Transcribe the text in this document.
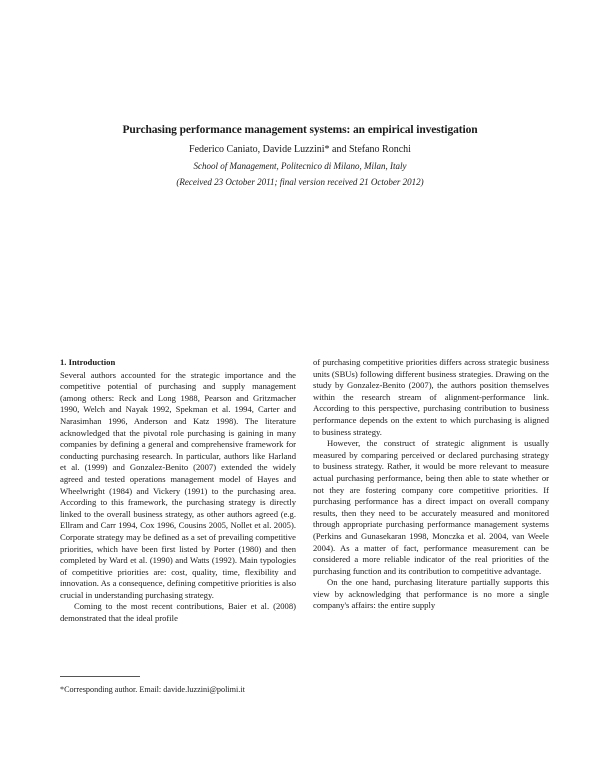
Purchasing performance management systems: an empirical investigation
Federico Caniato, Davide Luzzini* and Stefano Ronchi
School of Management, Politecnico di Milano, Milan, Italy
(Received 23 October 2011; final version received 21 October 2012)

1. Introduction

Several authors accounted for the strategic importance and the competitive potential of purchasing and supply management (among others: Reck and Long 1988, Pearson and Gritzmacher 1990, Welch and Nayak 1992, Spekman et al. 1994, Carter and Narasimhan 1996, Anderson and Katz 1998). The literature acknowledged that the pivotal role purchasing is gaining in many companies by defining a general and comprehensive framework for conducting purchasing research. In particular, authors like Harland et al. (1999) and Gonzalez-Benito (2007) extended the widely agreed and tested operations management model of Hayes and Wheelwright (1984) and Vickery (1991) to the purchasing area. According to this framework, the purchasing strategy is directly linked to the overall business strategy, as other authors agreed (e.g. Ellram and Carr 1994, Cox 1996, Cousins 2005, Nollet et al. 2005). Corporate strategy may be defined as a set of prevailing competitive priorities, which have been first listed by Porter (1980) and then completed by Ward et al. (1990) and Watts (1992). Main typologies of competitive priorities are: cost, quality, time, flexibility and innovation. As a consequence, defining competitive priorities is also crucial in understanding purchasing strategy.

Coming to the most recent contributions, Baier et al. (2008) demonstrated that the ideal profile

of purchasing competitive priorities differs across strategic business units (SBUs) following different business strategies. Drawing on the study by Gonzalez-Benito (2007), the authors position themselves within the research stream of alignment-performance link. According to this perspective, purchasing contribution to business performance depends on the extent to which purchasing is aligned to business strategy.

However, the construct of strategic alignment is usually measured by comparing perceived or declared purchasing strategy to business strategy. Rather, it would be more relevant to measure actual purchasing performance, being then able to state whether or not they are fostering company core competitive priorities. If purchasing performance has a direct impact on overall company results, then they need to be accurately measured and monitored through appropriate purchasing performance management systems (Perkins and Gunasekaran 1998, Monczka et al. 2004, van Weele 2004). As a matter of fact, performance measurement can be considered a more reliable indicator of the real priorities of the purchasing function and its contribution to competitive advantage.

On the one hand, purchasing literature partially supports this view by acknowledging that performance is no more a single company's affairs: the entire supply

*Corresponding author. Email: davide.luzzini@polimi.it
